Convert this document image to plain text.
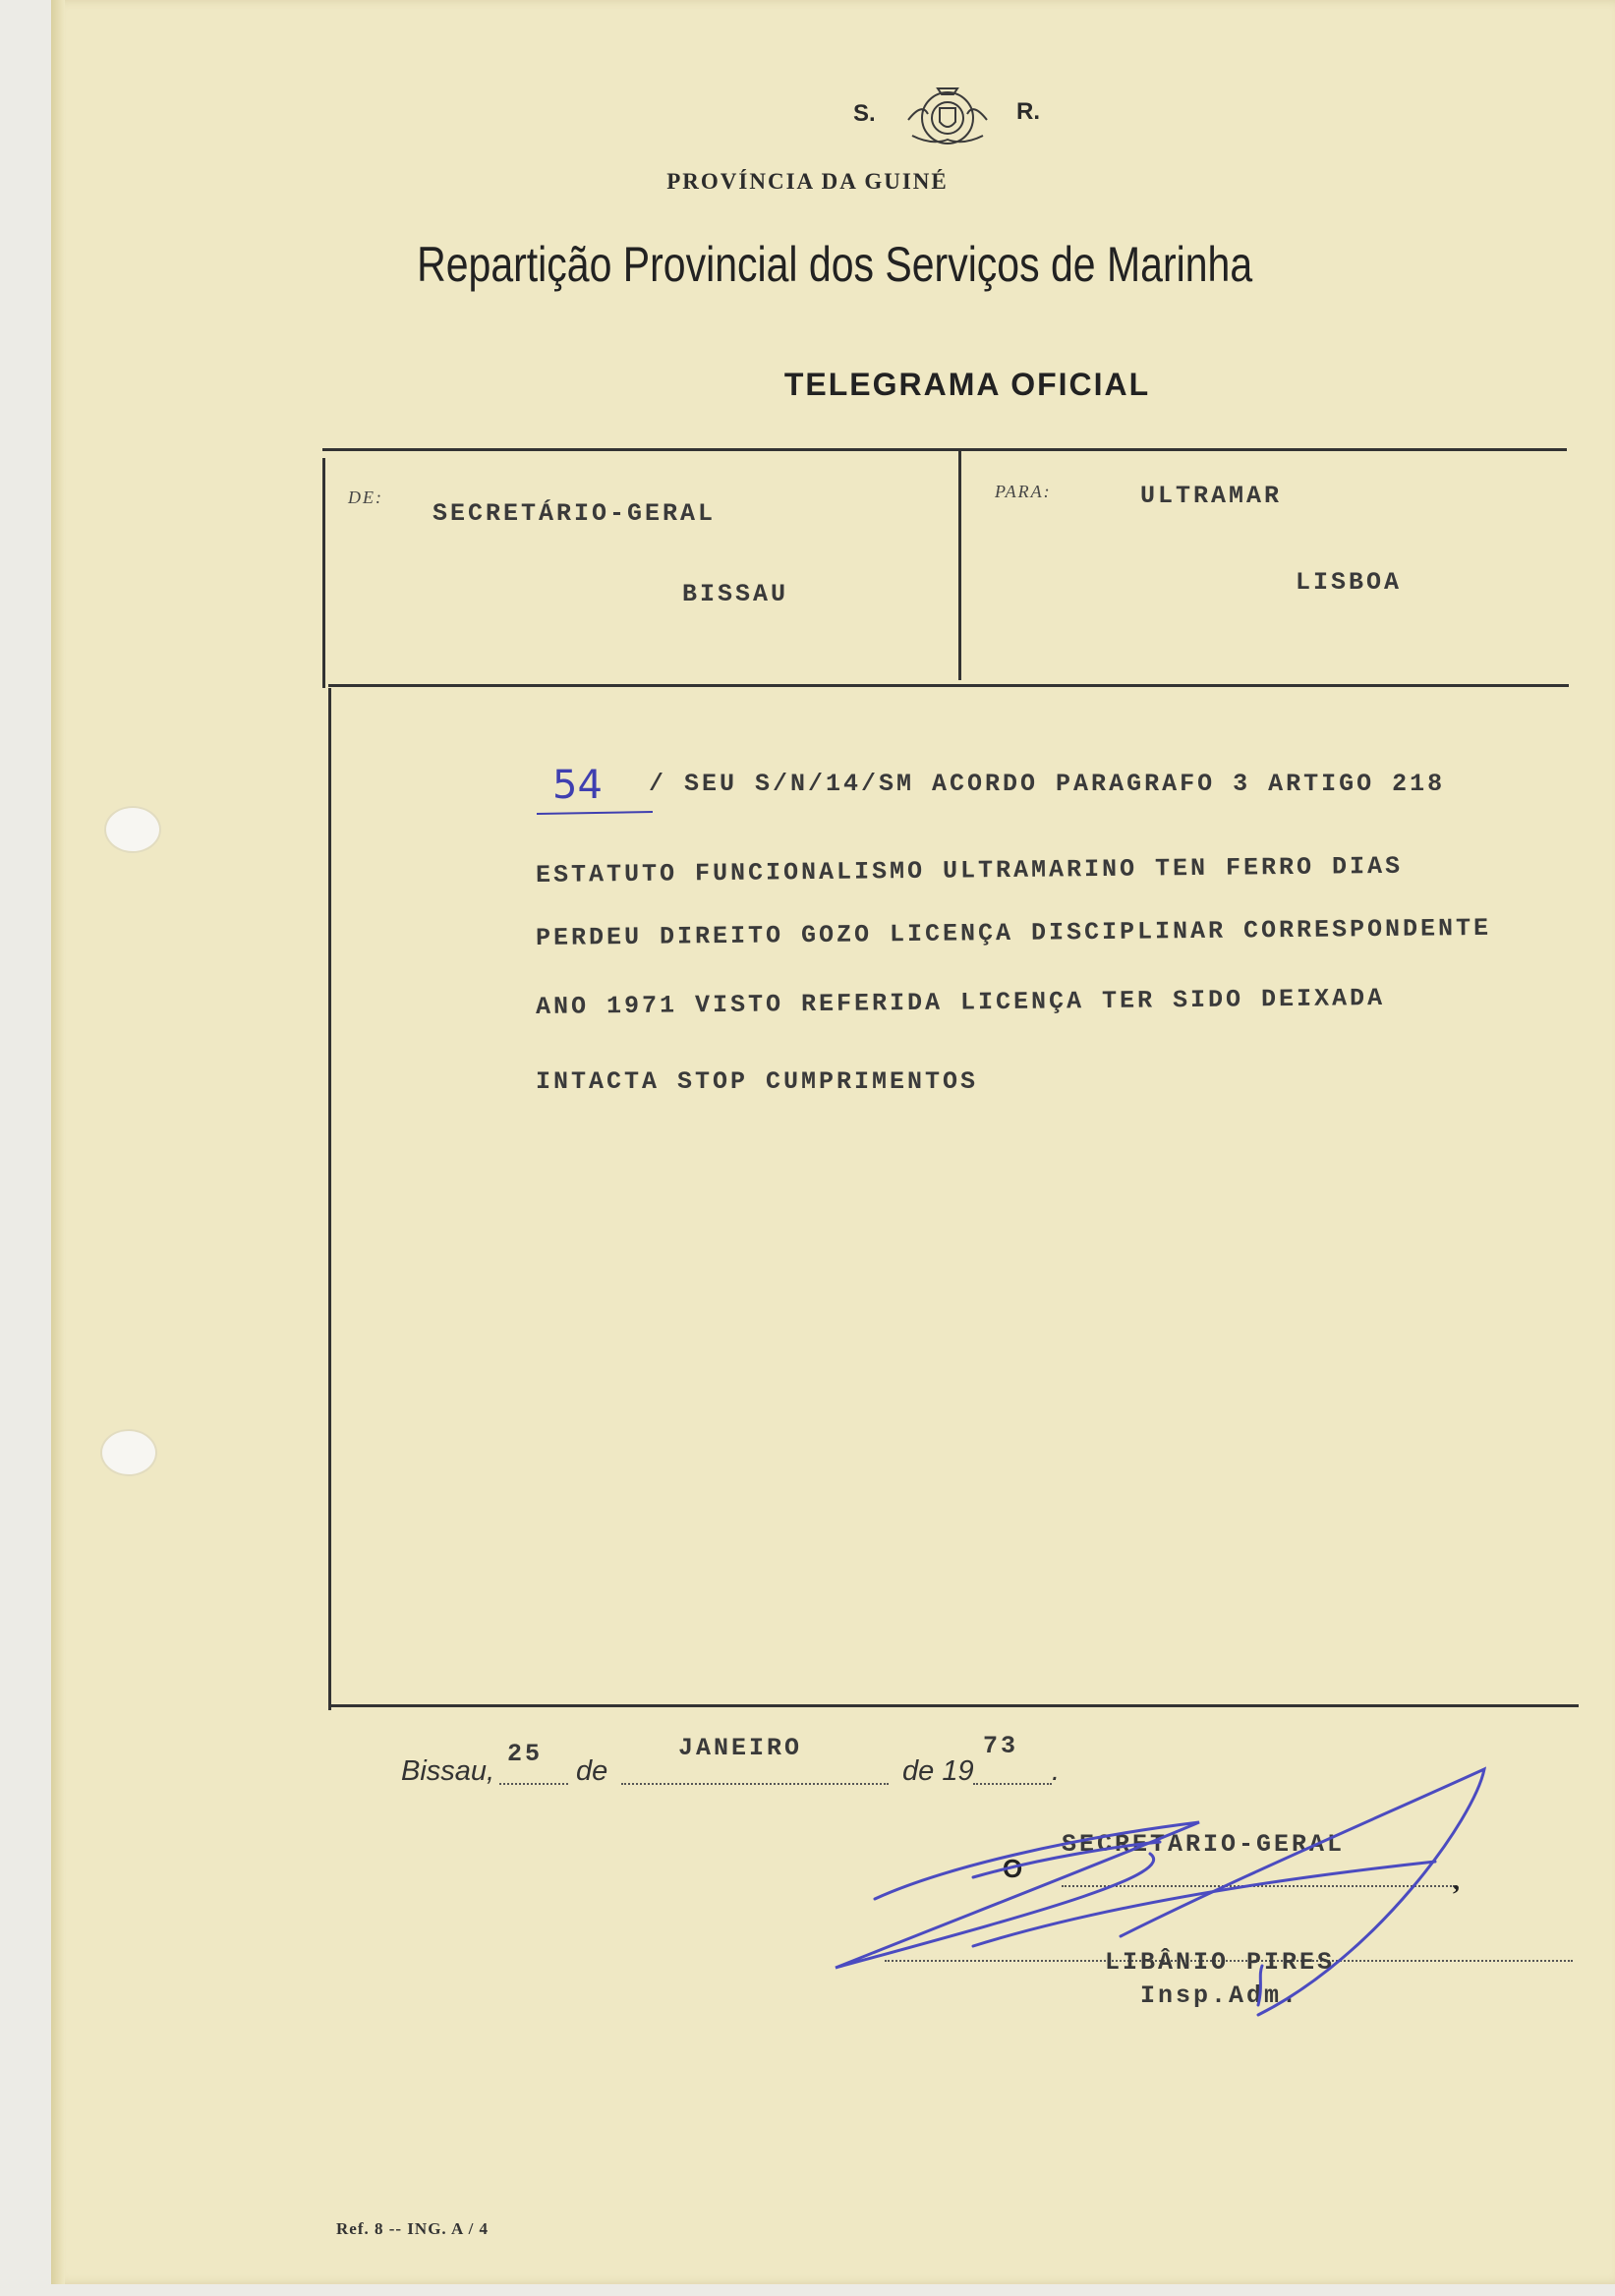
S.	R.
PROVÍNCIA DA GUINÉ
Repartição Provincial dos Serviços de Marinha
TELEGRAMA OFICIAL
DE:
SECRETÁRIO-GERAL
BISSAU
PARA:	ULTRAMAR
LISBOA
54 / SEU S/N/14/SM ACORDO PARAGRAFO 3 ARTIGO 218
ESTATUTO FUNCIONALISMO ULTRAMARINO TEN FERRO DIAS
PERDEU DIREITO GOZO LICENÇA DISCIPLINAR CORRESPONDENTE
ANO 1971 VISTO REFERIDA LICENÇA TER SIDO DEIXADA
INTACTA STOP CUMPRIMENTOS
Bissau,
25
de
JANEIRO
de 19
73
.
O
SECRETÁRIO-GERAL
,
LIBÂNIO PIRES
Insp.Adm.
Ref. 8 -- ING. A / 4
